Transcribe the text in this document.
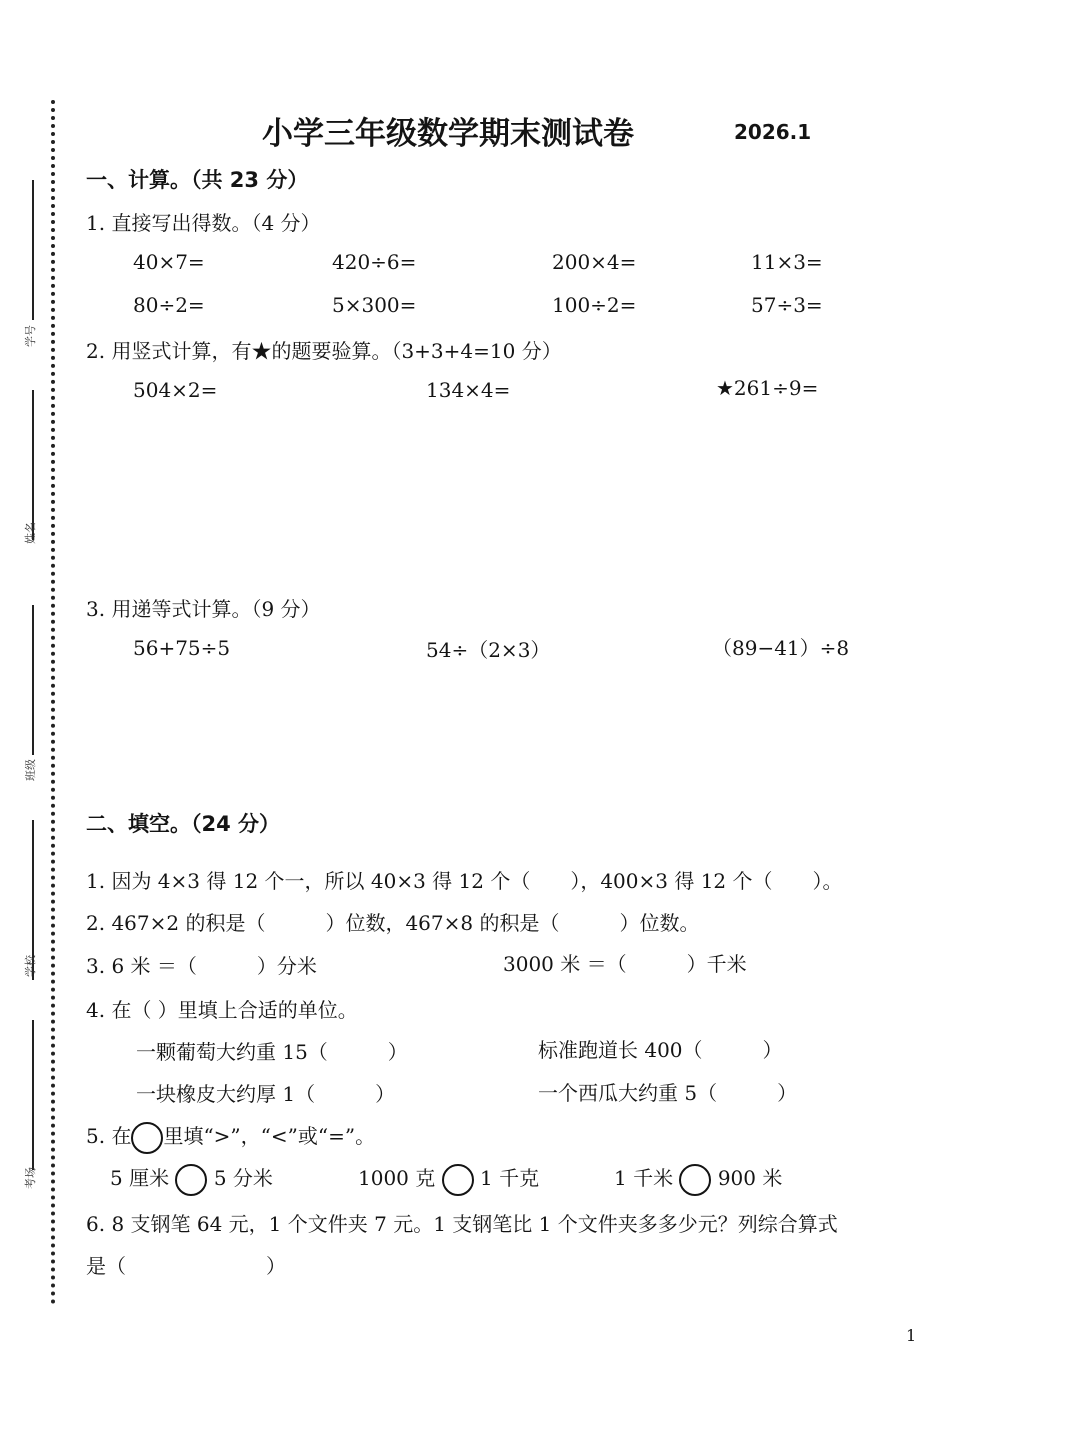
学号
姓名
班级
学校
考场
小学三年级数学期末测试卷	2026.1
一、计算。（共 23 分）
1. 直接写出得数。（4 分）
40×7=	420÷6=	200×4=	11×3=
80÷2=	5×300=	100÷2=	57÷3=
2. 用竖式计算，有★的题要验算。（3+3+4=10 分）
504×2=	134×4=	★261÷9=
3. 用递等式计算。（9 分）
56+75÷5	54÷（2×3）	（89−41）÷8
二、填空。（24 分）
1. 因为 4×3 得 12 个一，所以 40×3 得 12 个（　　），400×3 得 12 个（　　）。
2. 467×2 的积是（　　　）位数，467×8 的积是（　　　）位数。
3. 6 米 ＝（　　　）分米	3000 米 ＝（　　　）千米
4. 在（ ）里填上合适的单位。
一颗葡萄大约重 15（　　　）	标准跑道长 400（　　　）
一块橡皮大约厚 1（　　　）	一个西瓜大约重 5（　　　）
5. 在 里填“>”，“<”或“=”。
5 厘米 5 分米	1000 克 1 千克	1 千米 900 米
6. 8 支钢笔 64 元，1 个文件夹 7 元。1 支钢笔比 1 个文件夹多多少元？列综合算式
是（　　　　　　　）
1
